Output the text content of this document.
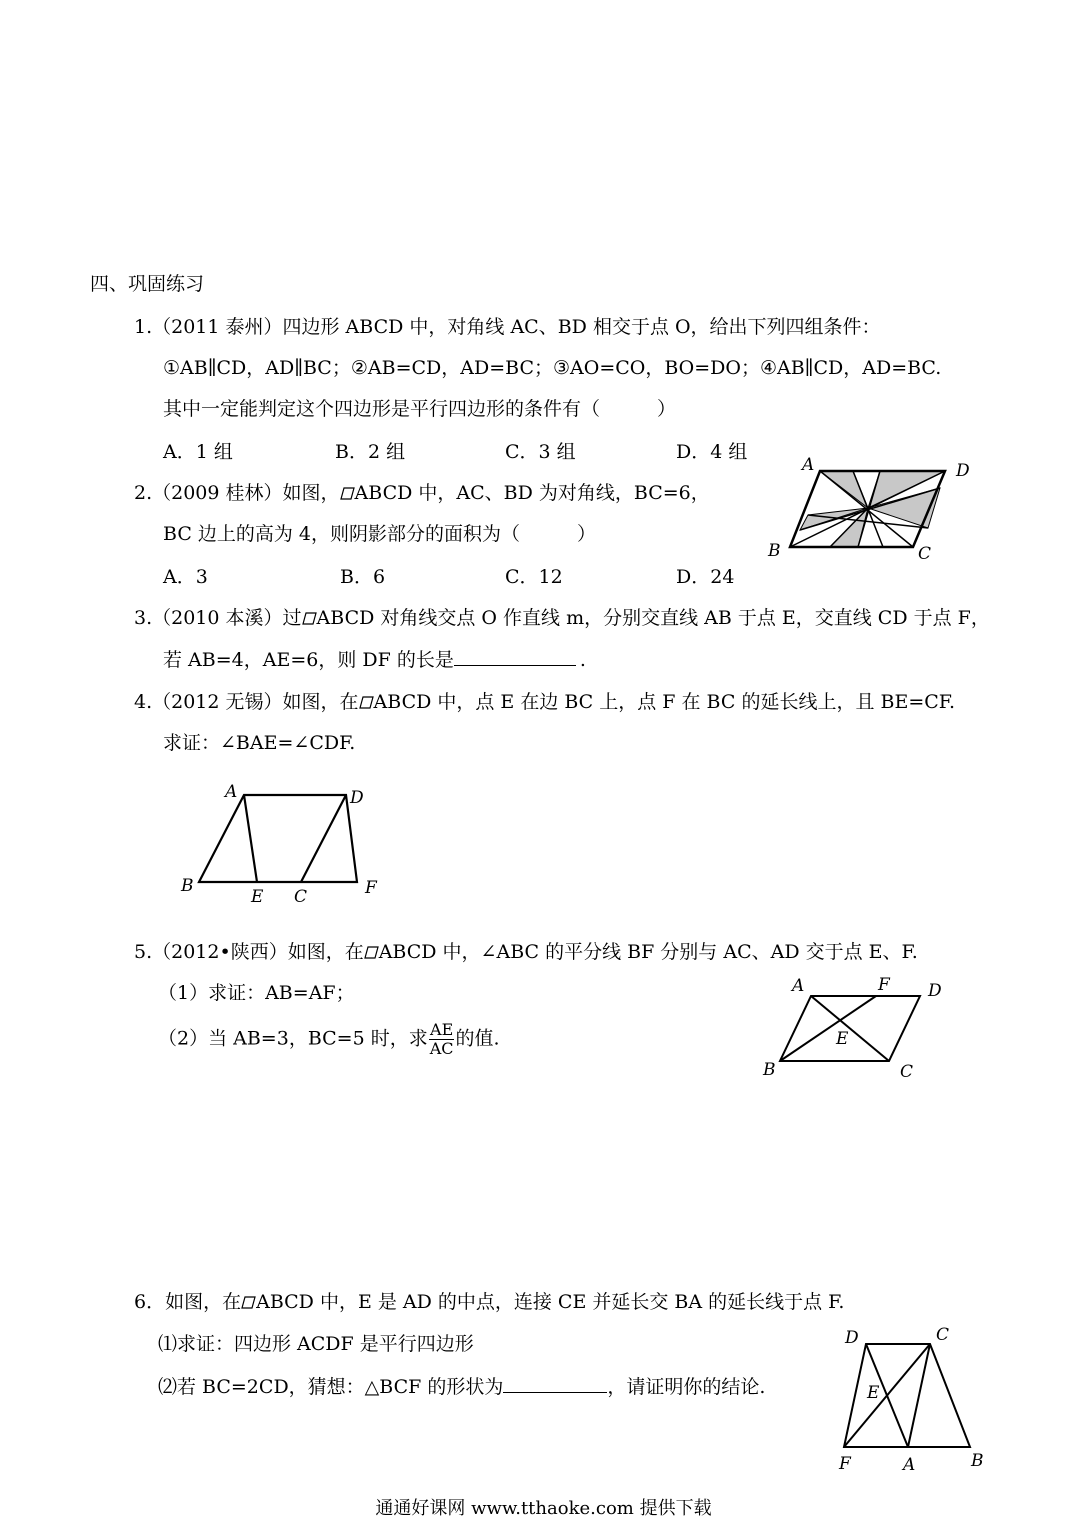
四、巩固练习
1.（2011 泰州）四边形 ABCD 中，对角线 AC、BD 相交于点 O，给出下列四组条件：
①AB∥CD，AD∥BC；②AB=CD，AD=BC；③AO=CO，BO=DO；④AB∥CD，AD=BC.
其中一定能判定这个四边形是平行四边形的条件有（　　　）
A．1 组	B．2 组	C．3 组	D．4 组
2.（2009 桂林）如图， ABCD 中，AC、BD 为对角线，BC=6，
BC 边上的高为 4，则阴影部分的面积为（　　　）
A．3	B．6	C．12	D．24
A	D
B	C
3.（2010 本溪）过 ABCD 对角线交点 O 作直线 m，分别交直线 AB 于点 E，交直线 CD 于点 F，
若 AB=4，AE=6，则 DF 的长是	.
4.（2012 无锡）如图，在 ABCD 中，点 E 在边 BC 上，点 F 在 BC 的延长线上，且 BE=CF.
求证：∠BAE=∠CDF.
A	D
B
E C	F
5.（2012•陕西）如图，在 ABCD 中，∠ABC 的平分线 BF 分别与 AC、AD 交于点 E、F.
（1）求证：AB=AF；
（2）当 AB=3，BC=5 时，求 $\frac{AE}{AC}$ 的值.
A	F D
E
B	C
6．如图，在 ABCD 中，E 是 AD 的中点，连接 CE 并延长交 BA 的延长线于点 F.
⑴求证：四边形 ACDF 是平行四边形
⑵若 BC=2CD，猜想：△BCF 的形状为	，请证明你的结论.
D	C
E
F	A	B
通通好课网 www.tthaoke.com 提供下载
